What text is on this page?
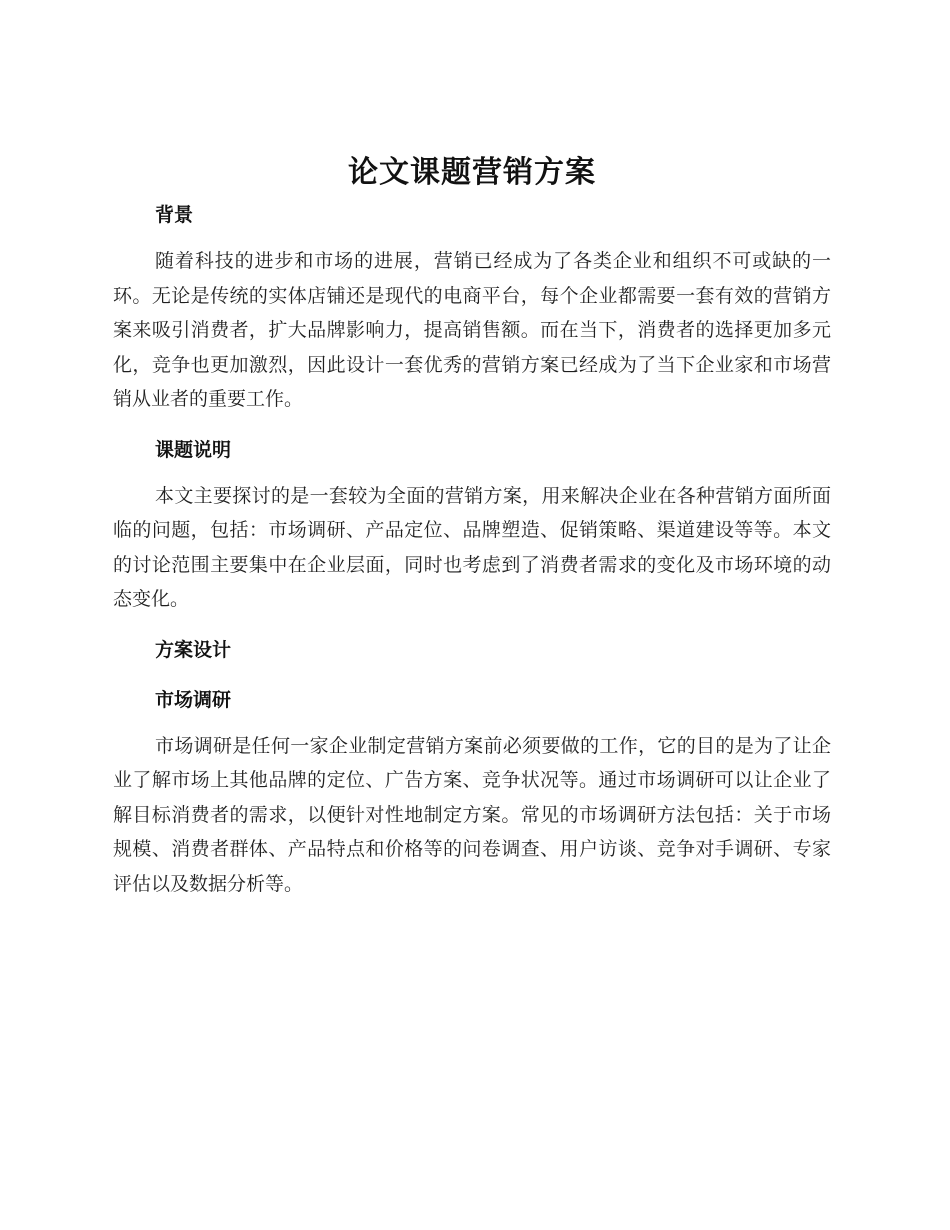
论文课题营销方案
背景

随着科技的进步和市场的进展，营销已经成为了各类企业和组织不可或缺的一环。无论是传统的实体店铺还是现代的电商平台，每个企业都需要一套有效的营销方案来吸引消费者，扩大品牌影响力，提高销售额。而在当下，消费者的选择更加多元化，竞争也更加激烈，因此设计一套优秀的营销方案已经成为了当下企业家和市场营销从业者的重要工作。

课题说明

本文主要探讨的是一套较为全面的营销方案，用来解决企业在各种营销方面所面临的问题，包括：市场调研、产品定位、品牌塑造、促销策略、渠道建设等等。本文的讨论范围主要集中在企业层面，同时也考虑到了消费者需求的变化及市场环境的动态变化。

方案设计
市场调研

市场调研是任何一家企业制定营销方案前必须要做的工作，它的目的是为了让企业了解市场上其他品牌的定位、广告方案、竞争状况等。通过市场调研可以让企业了解目标消费者的需求，以便针对性地制定方案。常见的市场调研方法包括：关于市场规模、消费者群体、产品特点和价格等的问卷调查、用户访谈、竞争对手调研、专家评估以及数据分析等。
